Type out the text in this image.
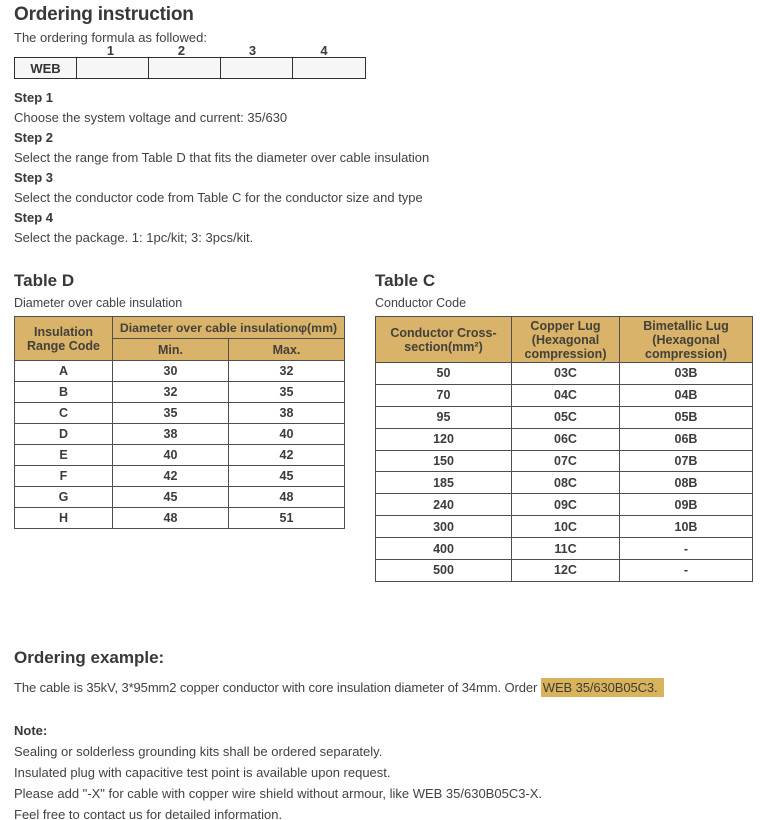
Ordering instruction
The ordering formula as followed:
1	2	3	4
WEB				
Step 1
Choose the system voltage and current: 35/630
Step 2
Select the range from Table D that fits the diameter over cable insulation
Step 3
Select the conductor code from Table C for the conductor size and type
Step 4
Select the package. 1: 1pc/kit; 3: 3pcs/kit.
Table D
Diameter over cable insulation
Insulation Range Code	Diameter over cable insulationφ(mm)	
	Min.	Max.
A	30	32
B	32	35
C	35	38
D	38	40
E	40	42
F	42	45
G	45	48
H	48	51
Table C
Conductor Code
Conductor Cross-section(mm²)	Copper Lug (Hexagonal compression)	Bimetallic Lug (Hexagonal compression)
50	03C	03B
70	04C	04B
95	05C	05B
120	06C	06B
150	07C	07B
185	08C	08B
240	09C	09B
300	10C	10B
400	11C	-
500	12C	-
Ordering example:
The cable is 35kV, 3*95mm2 copper conductor with core insulation diameter of 34mm. Order WEB 35/630B05C3.
Note:
Sealing or solderless grounding kits shall be ordered separately.
Insulated plug with capacitive test point is available upon request.
Please add "-X" for cable with copper wire shield without armour, like WEB 35/630B05C3-X.
Feel free to contact us for detailed information.
